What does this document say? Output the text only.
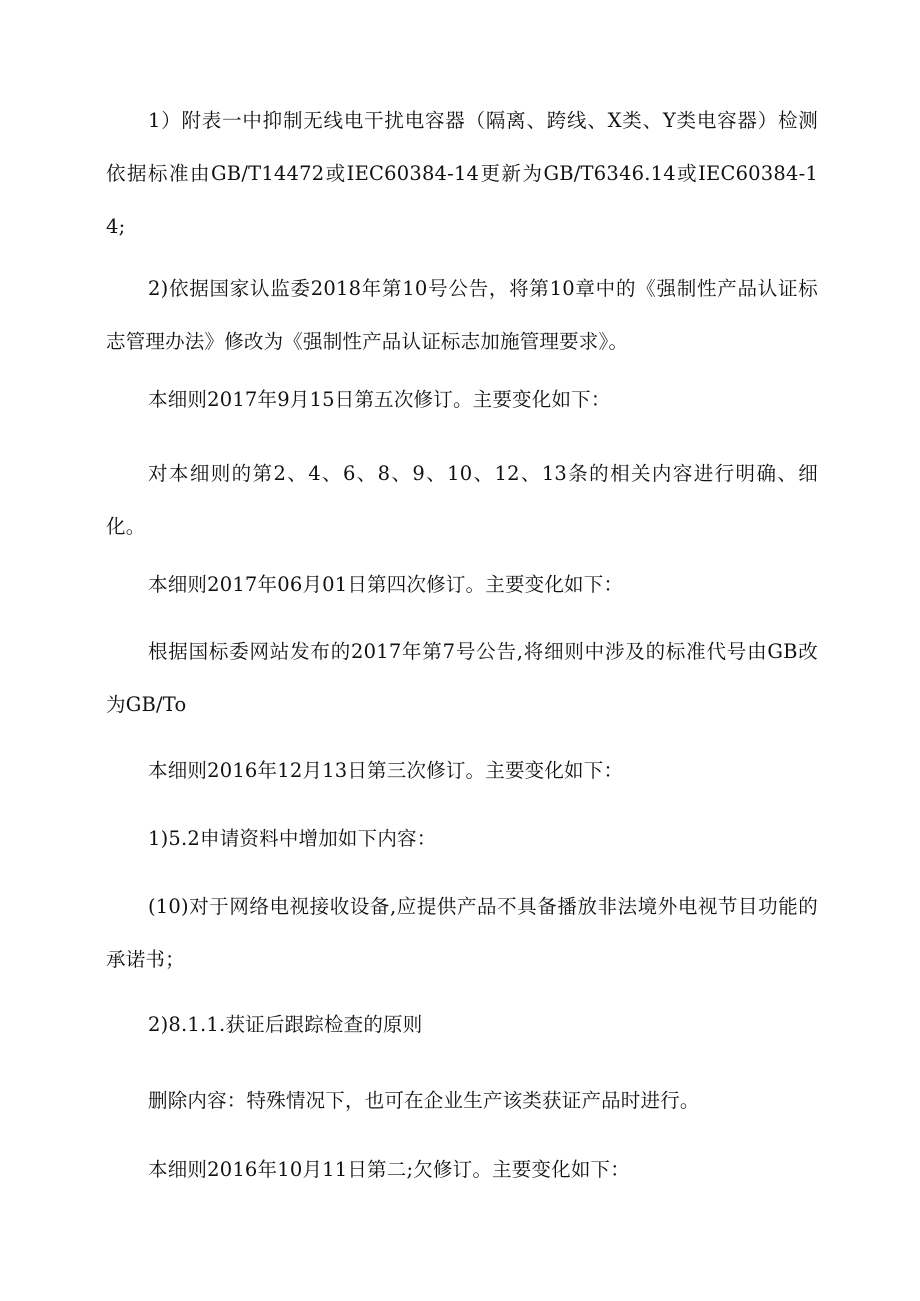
1）附表一中抑制无线电干扰电容器（隔离、跨线、X类、Y类电容器）检测依据标准由GB/T14472或IEC60384-14更新为GB/T6346.14或IEC60384-14;

2)依据国家认监委2018年第10号公告，将第10章中的《强制性产品认证标志管理办法》修改为《强制性产品认证标志加施管理要求》。

本细则2017年9月15日第五次修订。主要变化如下：

对本细则的第2、4、6、8、9、10、12、13条的相关内容进行明确、细化。

本细则2017年06月01日第四次修订。主要变化如下：

根据国标委网站发布的2017年第7号公告,将细则中涉及的标准代号由GB改为GB/To

本细则2016年12月13日第三次修订。主要变化如下：

1)5.2申请资料中增加如下内容：

(10)对于网络电视接收设备,应提供产品不具备播放非法境外电视节目功能的承诺书；

2)8.1.1.获证后跟踪检查的原则

删除内容：特殊情况下，也可在企业生产该类获证产品时进行。

本细则2016年10月11日第二;欠修订。主要变化如下：
